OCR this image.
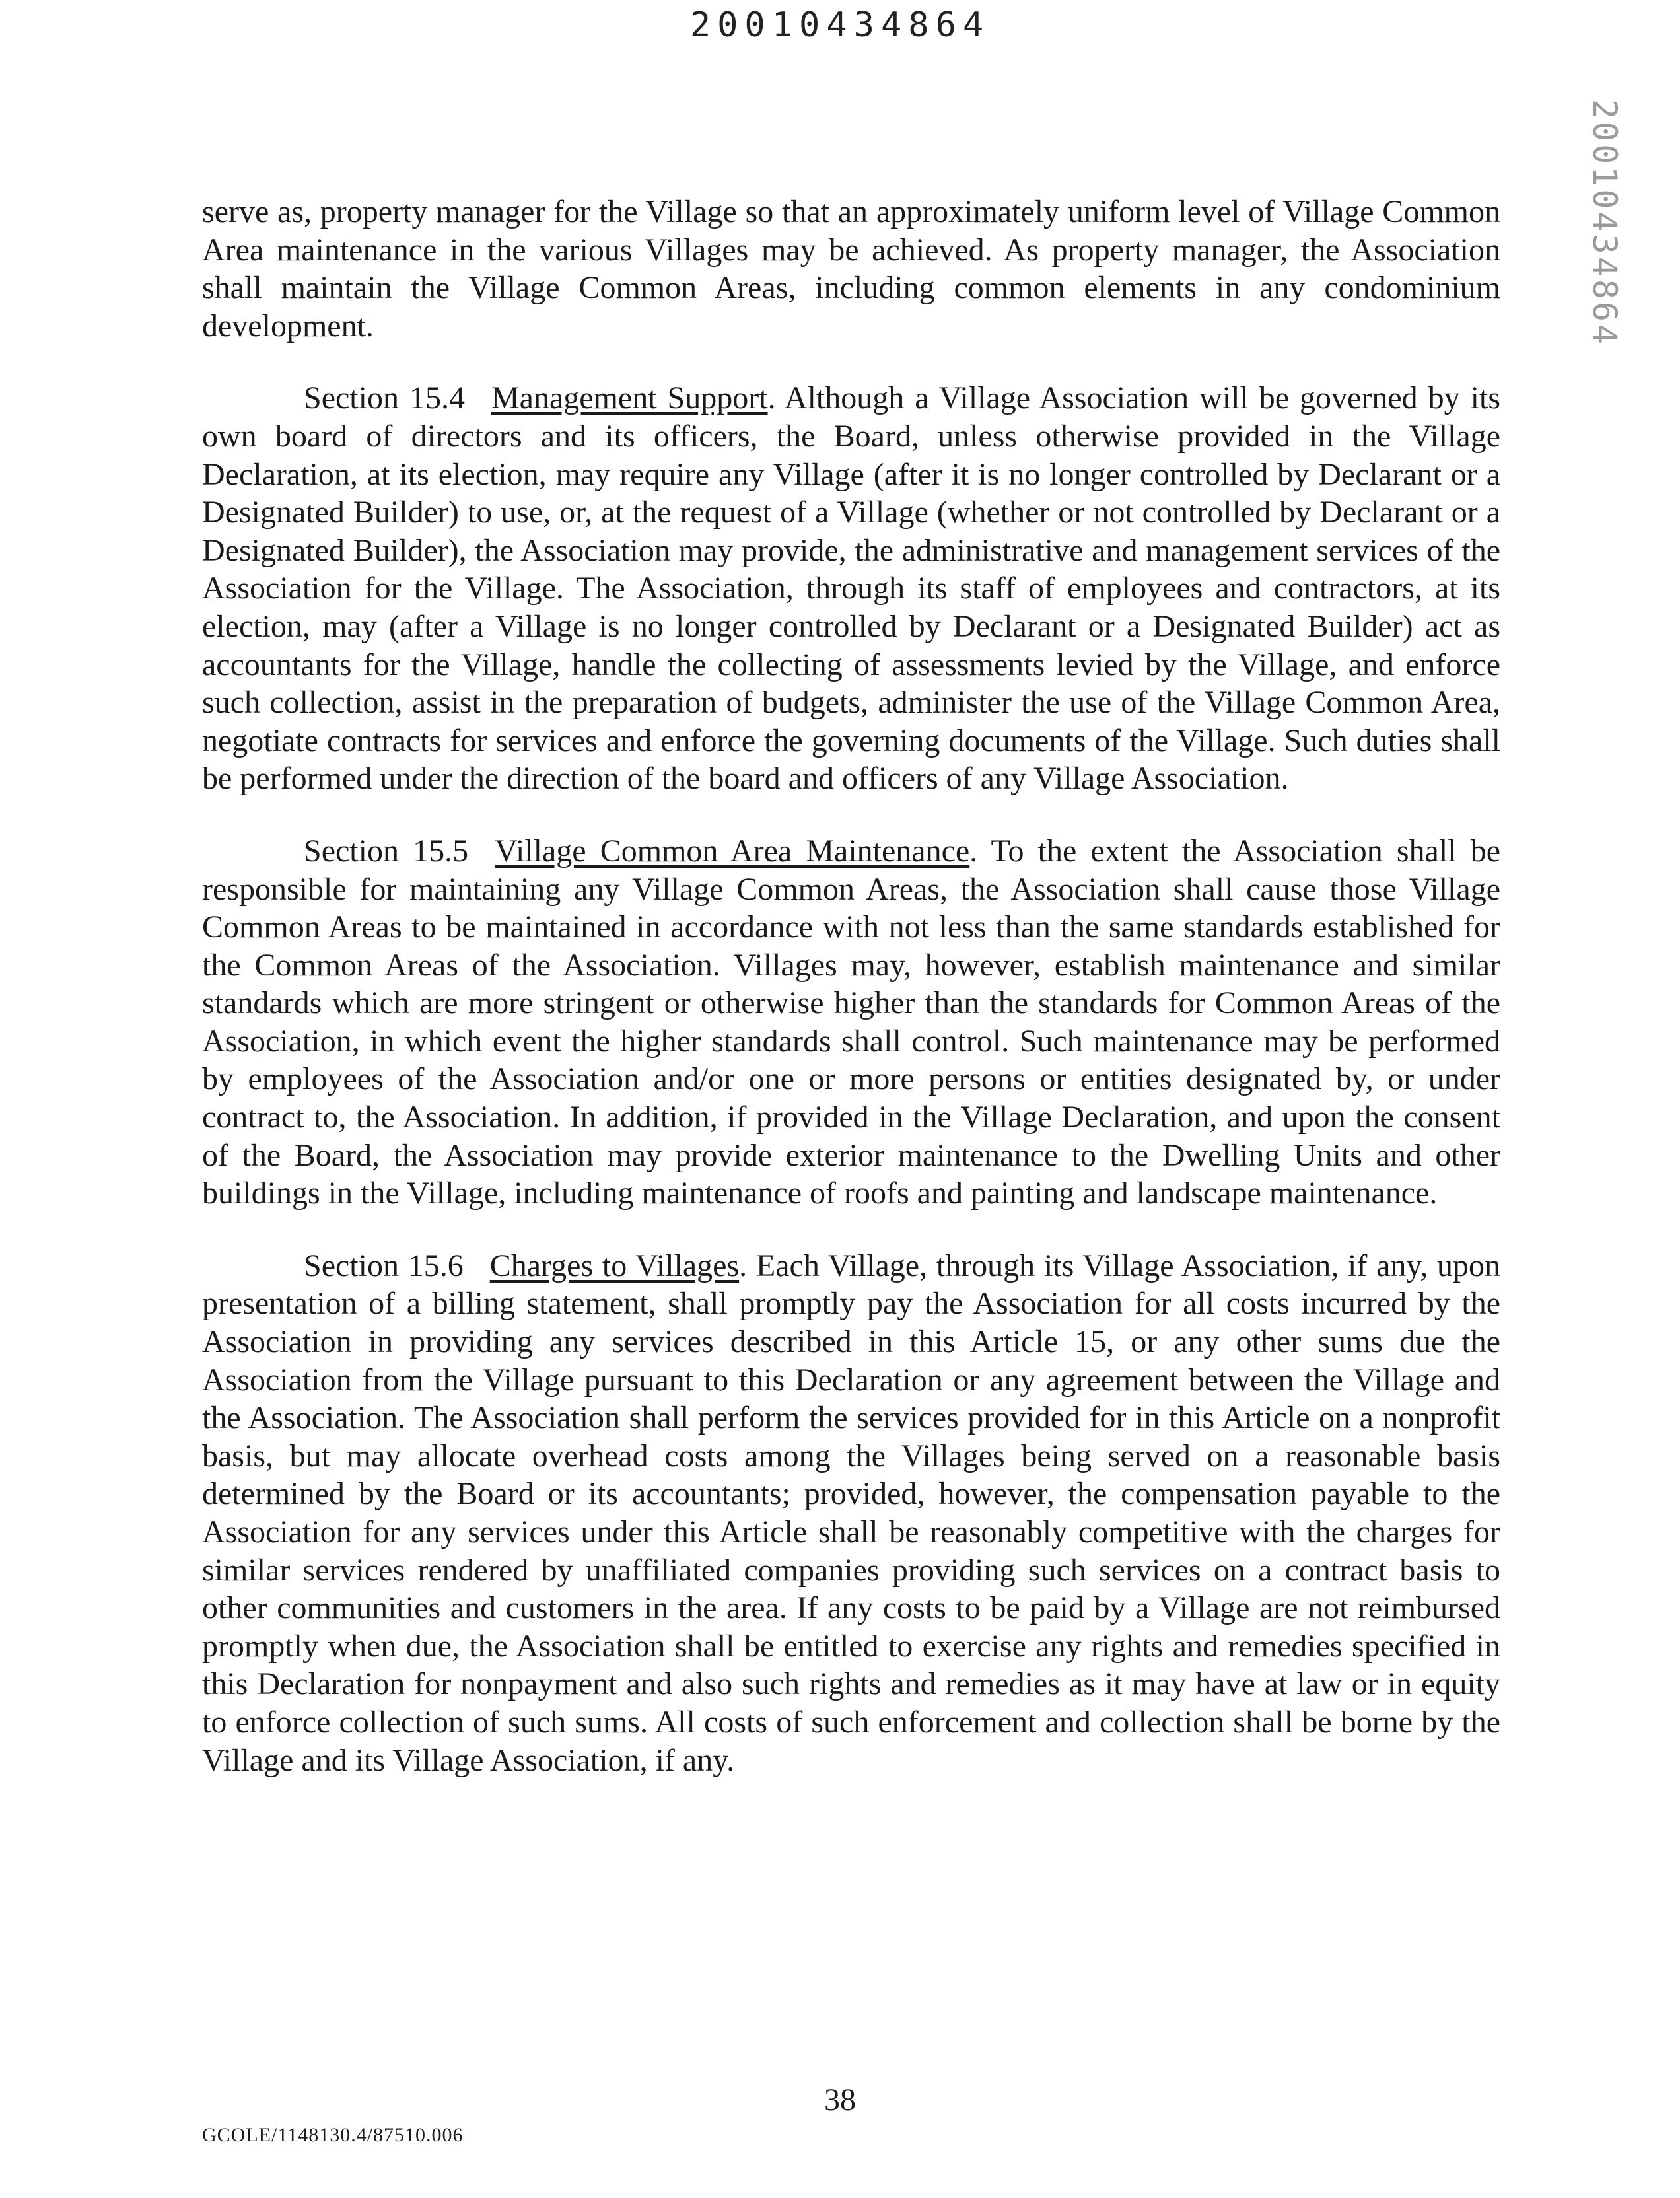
20010434864
20010434864

serve as, property manager for the Village so that an approximately uniform level of Village Common Area maintenance in the various Villages may be achieved. As property manager, the Association shall maintain the Village Common Areas, including common elements in any condominium development.

Section 15.4 Management Support. Although a Village Association will be governed by its own board of directors and its officers, the Board, unless otherwise provided in the Village Declaration, at its election, may require any Village (after it is no longer controlled by Declarant or a Designated Builder) to use, or, at the request of a Village (whether or not controlled by Declarant or a Designated Builder), the Association may provide, the administrative and management services of the Association for the Village. The Association, through its staff of employees and contractors, at its election, may (after a Village is no longer controlled by Declarant or a Designated Builder) act as accountants for the Village, handle the collecting of assessments levied by the Village, and enforce such collection, assist in the preparation of budgets, administer the use of the Village Common Area, negotiate contracts for services and enforce the governing documents of the Village. Such duties shall be performed under the direction of the board and officers of any Village Association.

Section 15.5 Village Common Area Maintenance. To the extent the Association shall be responsible for maintaining any Village Common Areas, the Association shall cause those Village Common Areas to be maintained in accordance with not less than the same standards established for the Common Areas of the Association. Villages may, however, establish maintenance and similar standards which are more stringent or otherwise higher than the standards for Common Areas of the Association, in which event the higher standards shall control. Such maintenance may be performed by employees of the Association and/or one or more persons or entities designated by, or under contract to, the Association. In addition, if provided in the Village Declaration, and upon the consent of the Board, the Association may provide exterior maintenance to the Dwelling Units and other buildings in the Village, including maintenance of roofs and painting and landscape maintenance.

Section 15.6 Charges to Villages. Each Village, through its Village Association, if any, upon presentation of a billing statement, shall promptly pay the Association for all costs incurred by the Association in providing any services described in this Article 15, or any other sums due the Association from the Village pursuant to this Declaration or any agreement between the Village and the Association. The Association shall perform the services provided for in this Article on a nonprofit basis, but may allocate overhead costs among the Villages being served on a reasonable basis determined by the Board or its accountants; provided, however, the compensation payable to the Association for any services under this Article shall be reasonably competitive with the charges for similar services rendered by unaffiliated companies providing such services on a contract basis to other communities and customers in the area. If any costs to be paid by a Village are not reimbursed promptly when due, the Association shall be entitled to exercise any rights and remedies specified in this Declaration for nonpayment and also such rights and remedies as it may have at law or in equity to enforce collection of such sums. All costs of such enforcement and collection shall be borne by the Village and its Village Association, if any.

38
GCOLE/1148130.4/87510.006
